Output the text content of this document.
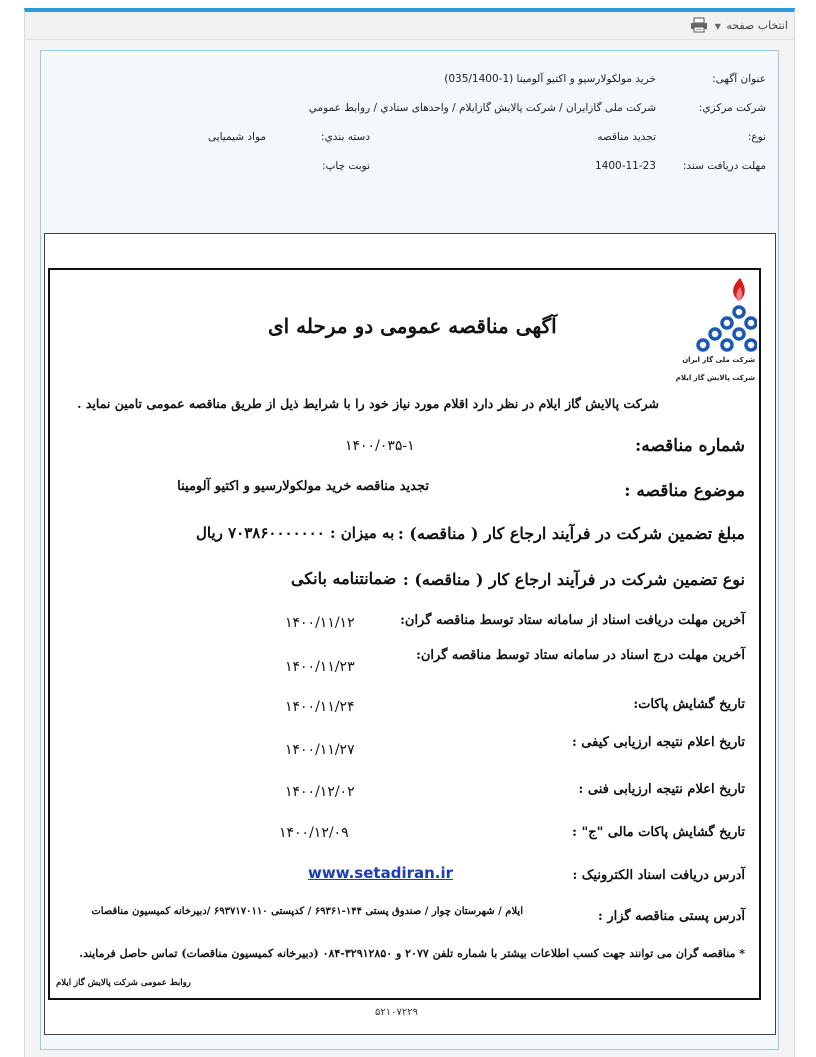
انتخاب صفحه ▼
عنوان آگهی:
خرید مولکولارسیو و اکتیو آلومینا (1-035/1400)
شرکت مرکزي:
شرکت ملی گازایران / شرکت پالایش گازایلام / واحدهای ستادي / روابط عمومي
نوع:
تجدید مناقصه
دسته بندي:
مواد شیمیایی
مهلت دریافت سند:
1400-11-23
نوبت چاپ:
شرکت ملی گاز ایران
شرکت پالایش گاز ایلام
آگهی مناقصه عمومی دو مرحله ای
شرکت پالایش گاز ایلام در نظر دارد اقلام مورد نیاز خود را با شرایط ذیل از طریق مناقصه عمومی تامین نماید .
شماره مناقصه:
۱۴۰۰/۰۳۵-۱
موضوع مناقصه :
تجدید مناقصه خرید مولکولارسیو و اکتیو آلومینا
مبلغ تضمین شرکت در فرآیند ارجاع کار ( مناقصه) :
به میزان : ۷۰۳۸۶۰۰۰۰۰۰۰ ریال
نوع تضمین شرکت در فرآیند ارجاع کار ( مناقصه) :
ضمانتنامه بانکی
آخرین مهلت دریافت اسناد از سامانه ستاد توسط مناقصه گران:
۱۴۰۰/۱۱/۱۲
آخرین مهلت درج اسناد در سامانه ستاد توسط مناقصه گران:
۱۴۰۰/۱۱/۲۳
تاریخ گشایش پاکات:
۱۴۰۰/۱۱/۲۴
تاریخ اعلام نتیجه ارزیابی کیفی :
۱۴۰۰/۱۱/۲۷
تاریخ اعلام نتیجه ارزیابی فنی :
۱۴۰۰/۱۲/۰۲
تاریخ گشایش پاکات مالی "ج" :
۱۴۰۰/۱۲/۰۹
آدرس دریافت اسناد الکترونیک :
www.setadiran.ir
آدرس پستی مناقصه گزار :
ایلام / شهرستان چوار / صندوق پستی ۱۴۴-۶۹۳۶۱ / کدپستی ۶۹۳۷۱۷۰۱۱۰ /دبیرخانه کمیسیون مناقصات
* مناقصه گران می توانند جهت کسب اطلاعات بیشتر با شماره تلفن ۲۰۷۷ و ۳۲۹۱۲۸۵۰-۰۸۴ (دبیرخانه کمیسیون مناقصات) تماس حاصل فرمایند.
روابط عمومی شرکت پالایش گاز ایلام
۵۲۱۰۷۲۲۹
